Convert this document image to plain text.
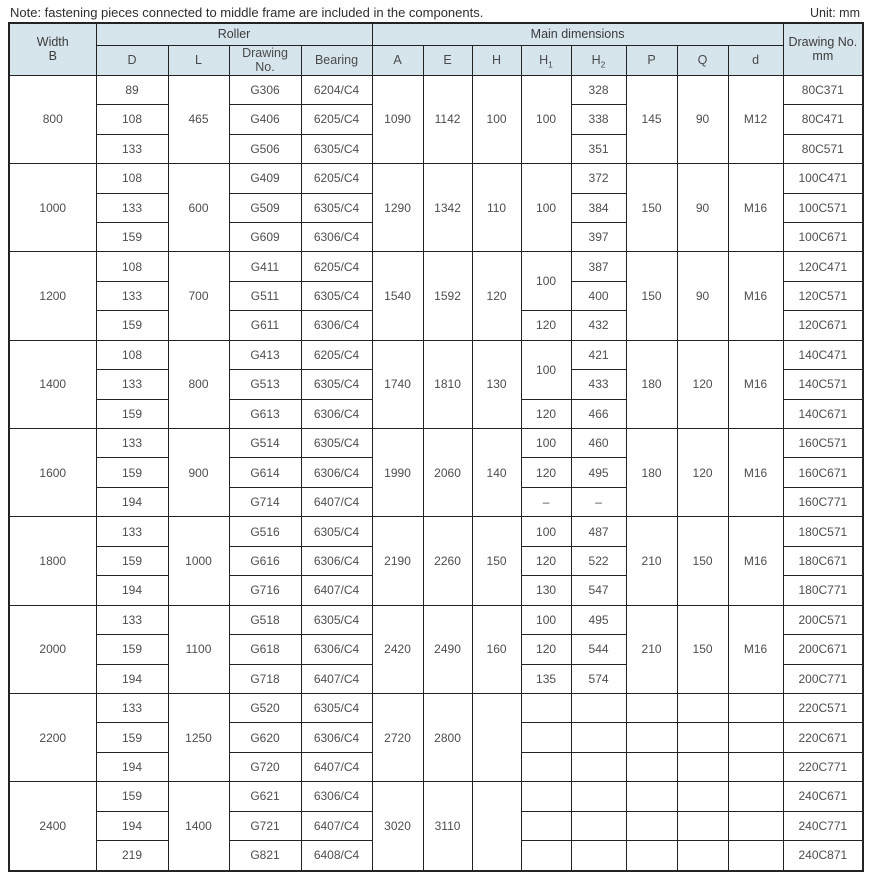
Note: fastening pieces connected to middle frame are included in the components.	Unit: mm
Width
B	Roller				Main dimensions								Drawing No.
mm
	D	L	Drawing
No.	Bearing	A	E	H	$H_1$	$H_2$	P	Q	d	
800	89	465	G306	6204/C4	1090	1142	100	100	328	145	90	M12	80C371
	108		G406	6205/C4					338				80C471
	133		G506	6305/C4					351				80C571
1000	108	600	G409	6205/C4	1290	1342	110	100	372	150	90	M16	100C471
	133		G509	6305/C4					384				100C571
	159		G609	6306/C4					397				100C671
1200	108	700	G411	6205/C4	1540	1592	120	100	387	150	90	M16	120C471
	133		G511	6305/C4					400				120C571
	159		G611	6306/C4				120	432				120C671
1400	108	800	G413	6205/C4	1740	1810	130	100	421	180	120	M16	140C471
	133		G513	6305/C4					433				140C571
	159		G613	6306/C4				120	466				140C671
1600	133	900	G514	6305/C4	1990	2060	140	100	460	180	120	M16	160C571
	159		G614	6306/C4				120	495				160C671
	194		G714	6407/C4				–	–				160C771
1800	133	1000	G516	6305/C4	2190	2260	150	100	487	210	150	M16	180C571
	159		G616	6306/C4				120	522				180C671
	194		G716	6407/C4				130	547				180C771
2000	133	1100	G518	6305/C4	2420	2490	160	100	495	210	150	M16	200C571
	159		G618	6306/C4				120	544				200C671
	194		G718	6407/C4				135	574				200C771
2200	133	1250	G520	6305/C4	2720	2800							220C571
	159		G620	6306/C4									220C671
	194		G720	6407/C4									220C771
2400	159	1400	G621	6306/C4	3020	3110							240C671
	194		G721	6407/C4									240C771
	219		G821	6408/C4									240C871
